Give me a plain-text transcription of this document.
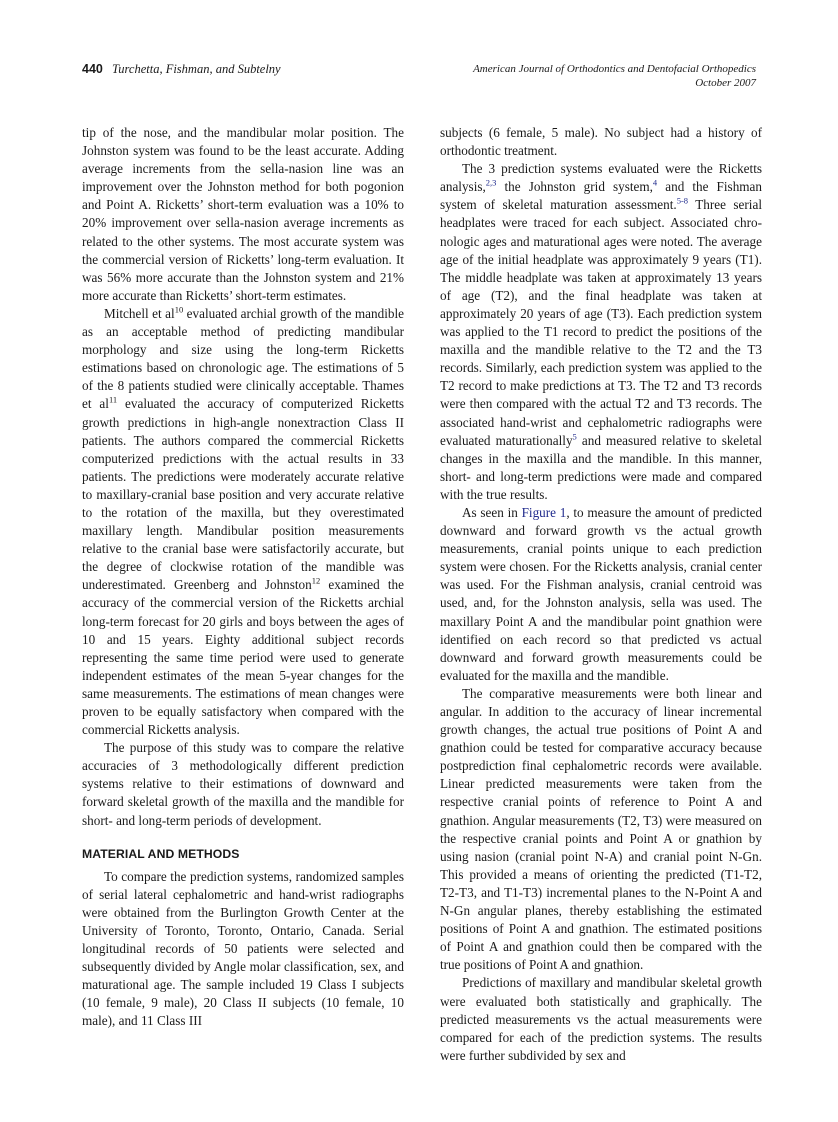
440 Turchetta, Fishman, and Subtelny	American Journal of Orthodontics and Dentofacial Orthopedics
October 2007

tip of the nose, and the mandibular molar position. The Johnston system was found to be the least accurate. Adding average increments from the sella-nasion line was an improvement over the Johnston method for both pogonion and Point A. Ricketts’ short-term evaluation was a 10% to 20% improvement over sella-nasion average increments as related to the other systems. The most accurate system was the commercial version of Ricketts’ long-term evaluation. It was 56% more accurate than the Johnston system and 21% more accurate than Ricketts’ short-term estimates.

Mitchell et $al^{10}$ evaluated archial growth of the mandible as an acceptable method of predicting mandibular morphology and size using the long-term Ricketts estimations based on chronologic age. The estimations of 5 of the 8 patients studied were clinically acceptable. Thames et $al^{11}$ evaluated the accuracy of computerized Ricketts growth predictions in high-angle nonextraction Class II patients. The authors compared the commercial Ricketts computerized predictions with the actual results in 33 patients. The predictions were moderately accurate relative to maxillary-cranial base position and very accurate relative to the rotation of the maxilla, but they overestimated maxillary length. Mandibular position measurements relative to the cranial base were satisfactorily accurate, but the degree of clockwise rotation of the mandible was underestimated. Greenberg and Johnston$^{12}$ examined the accuracy of the commercial version of the Ricketts archial long-term forecast for 20 girls and boys between the ages of 10 and 15 years. Eighty additional subject records representing the same time period were used to generate independent estimates of the mean 5-year changes for the same measurements. The estimations of mean changes were proven to be equally satisfactory when compared with the commercial Ricketts analysis.

The purpose of this study was to compare the relative accuracies of 3 methodologically different prediction systems relative to their estimations of downward and forward skeletal growth of the maxilla and the mandible for short- and long-term periods of development.

MATERIAL AND METHODS

To compare the prediction systems, randomized samples of serial lateral cephalometric and hand-wrist radiographs were obtained from the Burlington Growth Center at the University of Toronto, Toronto, Ontario, Canada. Serial longitudinal records of 50 patients were selected and subsequently divided by Angle molar classification, sex, and maturational age. The sample included 19 Class I subjects (10 female, 9 male), 20 Class II subjects (10 female, 10 male), and 11 Class III

subjects (6 female, 5 male). No subject had a history of orthodontic treatment.

The 3 prediction systems evaluated were the Ricketts analysis,$^{2,3}$ the Johnston grid system,$^4$ and the Fishman system of skeletal maturation assessment.$^{5-8}$ Three serial headplates were traced for each subject. Associated chronologic ages and maturational ages were noted. The average age of the initial headplate was approximately 9 years (T1). The middle headplate was taken at approximately 13 years of age (T2), and the final headplate was taken at approximately 20 years of age (T3). Each prediction system was applied to the T1 record to predict the positions of the maxilla and the mandible relative to the T2 and the T3 records. Similarly, each prediction system was applied to the T2 record to make predictions at T3. The T2 and T3 records were then compared with the actual T2 and T3 records. The associated hand-wrist and cephalometric radiographs were evaluated maturationally$^5$ and measured relative to skeletal changes in the maxilla and the mandible. In this manner, short- and long-term predictions were made and compared with the true results.

As seen in Figure 1, to measure the amount of predicted downward and forward growth vs the actual growth measurements, cranial points unique to each prediction system were chosen. For the Ricketts analysis, cranial center was used. For the Fishman analysis, cranial centroid was used, and, for the Johnston analysis, sella was used. The maxillary Point A and the mandibular point gnathion were identified on each record so that predicted vs actual downward and forward growth measurements could be evaluated for the maxilla and the mandible.

The comparative measurements were both linear and angular. In addition to the accuracy of linear incremental growth changes, the actual true positions of Point A and gnathion could be tested for comparative accuracy because postprediction final cephalometric records were available. Linear predicted measurements were taken from the respective cranial points of reference to Point A and gnathion. Angular measurements (T2, T3) were measured on the respective cranial points and Point A or gnathion by using nasion (cranial point N-A) and cranial point N-Gn. This provided a means of orienting the predicted (T1-T2, T2-T3, and T1-T3) incremental planes to the N-Point A and N-Gn angular planes, thereby establishing the estimated positions of Point A and gnathion. The estimated positions of Point A and gnathion could then be compared with the true positions of Point A and gnathion.

Predictions of maxillary and mandibular skeletal growth were evaluated both statistically and graphically. The predicted measurements vs the actual measurements were compared for each of the prediction systems. The results were further subdivided by sex and
